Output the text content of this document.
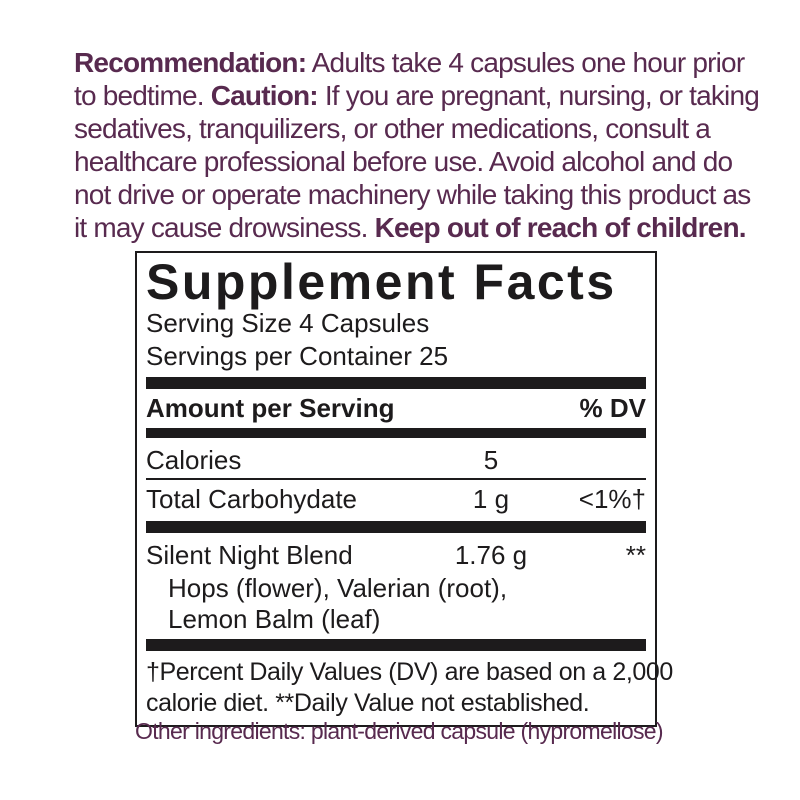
Recommendation: Adults take 4 capsules one hour prior
to bedtime. Caution: If you are pregnant, nursing, or taking
sedatives, tranquilizers, or other medications, consult a
healthcare professional before use. Avoid alcohol and do
not drive or operate machinery while taking this product as
it may cause drowsiness. Keep out of reach of children.
Supplement Facts
Serving Size 4 Capsules
Servings per Container 25
Amount per Serving	% DV
Calories	5
Total Carbohydate	1 g	<1%†
Silent Night Blend	1.76 g	**
Hops (flower), Valerian (root),
Lemon Balm (leaf)
†Percent Daily Values (DV) are based on a 2,000
calorie diet. **Daily Value not established.
Other ingredients: plant-derived capsule (hypromellose)
